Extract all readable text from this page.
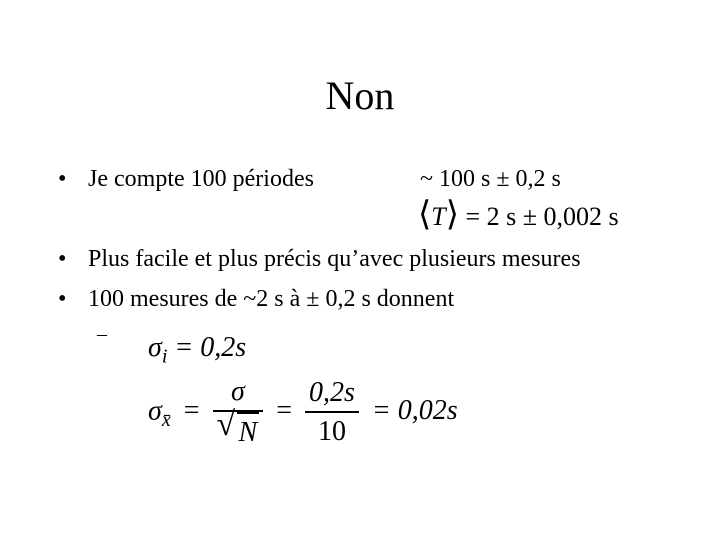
Non
• Je compte 100 périodes	~ 100 s ± 0,2 s
⟨T⟩ = 2 s ± 0,002 s
• Plus facile et plus précis qu’avec plusieurs mesures
• 100 mesures de ~2 s à ± 0,2 s donnent
– $\sigma_i = 0,2s$
$\sigma_{x̄} = \frac{\sigma}{√ N} = \frac{0,2s}{10} = 0,02s$
